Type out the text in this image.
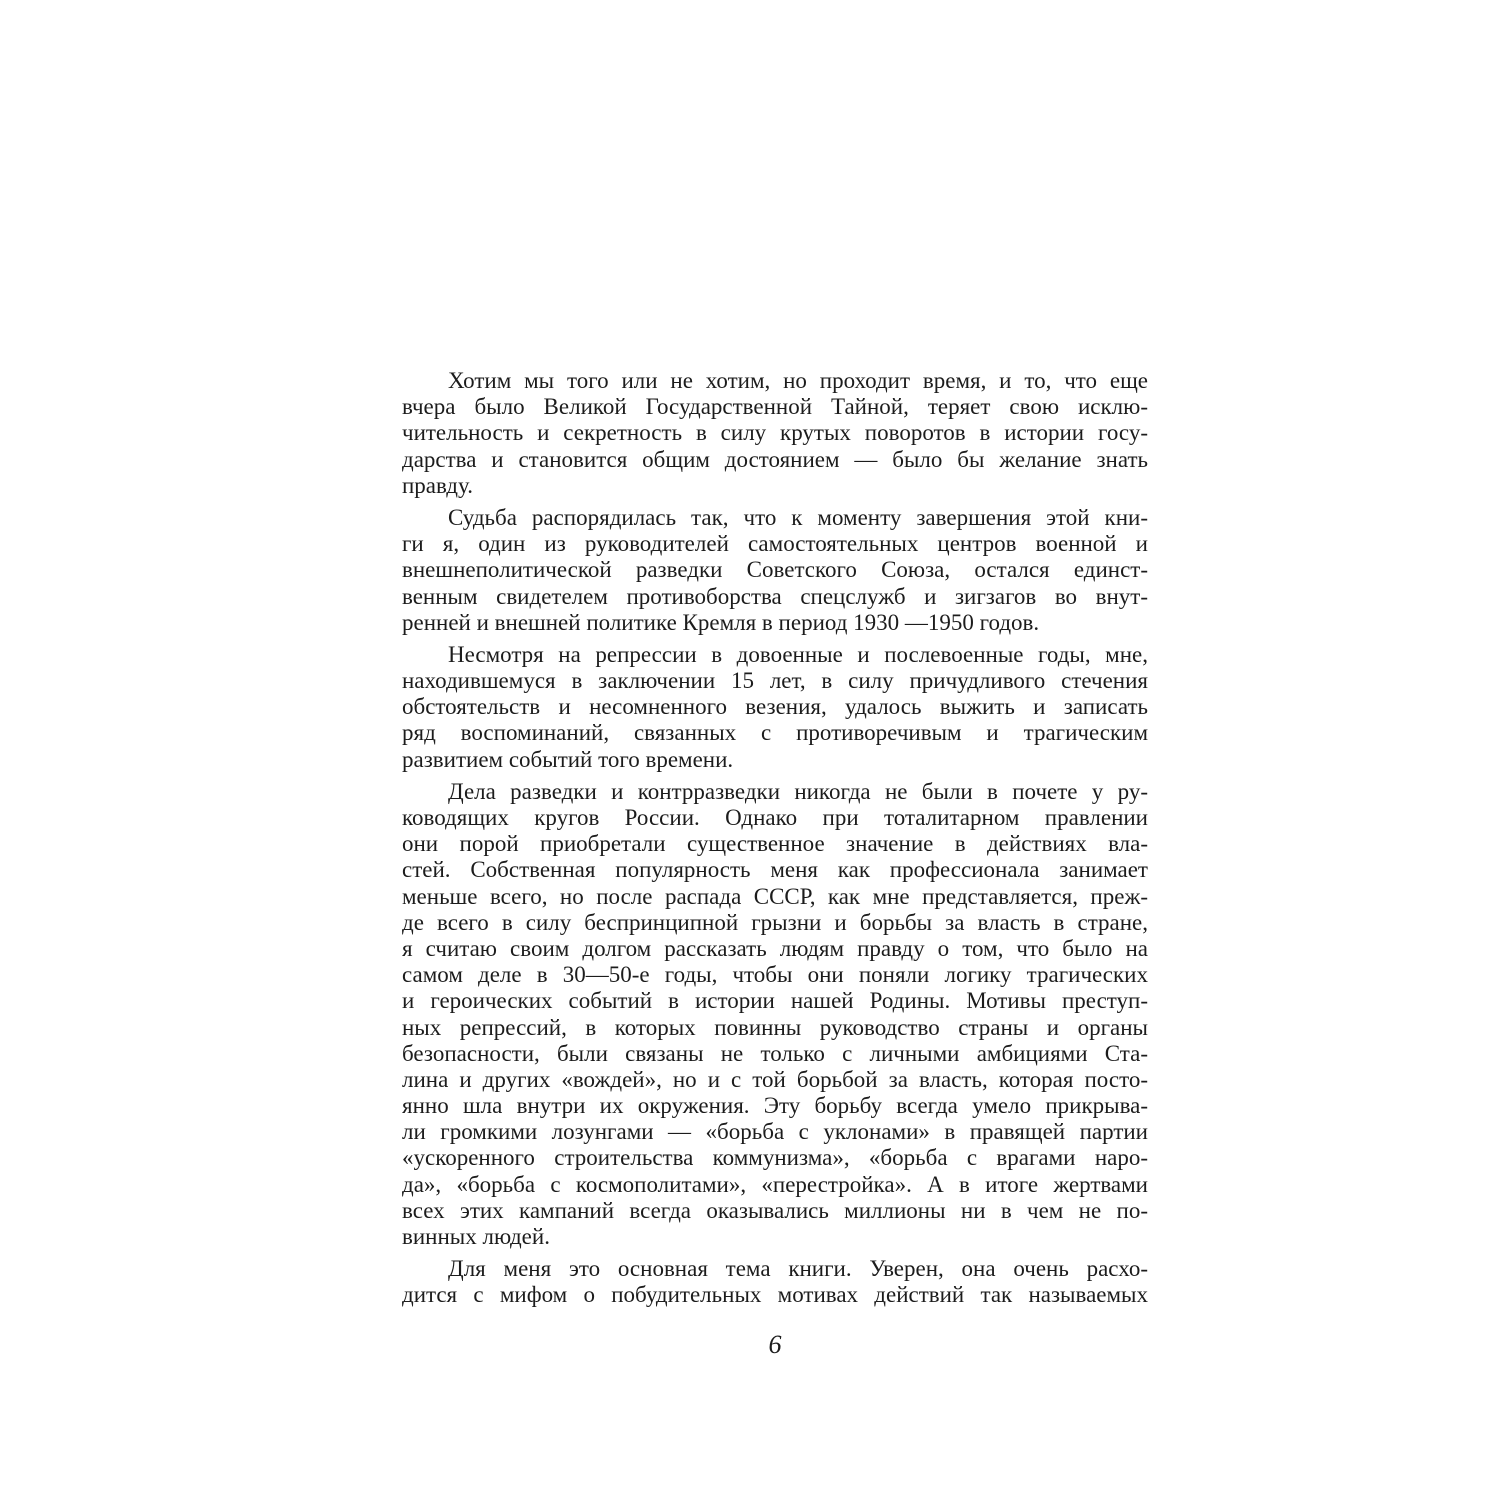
Хотим мы того или не хотим, но проходит время, и то, что еще
вчера было Великой Государственной Тайной, теряет свою исклю-
чительность и секретность в силу крутых поворотов в истории госу-
дарства и становится общим достоянием — было бы желание знать
правду.
Судьба распорядилась так, что к моменту завершения этой кни-
ги я, один из руководителей самостоятельных центров военной и
внешнеполитической разведки Советского Союза, остался единст-
венным свидетелем противоборства спецслужб и зигзагов во внут-
ренней и внешней политике Кремля в период 1930 —1950 годов.
Несмотря на репрессии в довоенные и послевоенные годы, мне,
находившемуся в заключении 15 лет, в силу причудливого стечения
обстоятельств и несомненного везения, удалось выжить и записать
ряд воспоминаний, связанных с противоречивым и трагическим
развитием событий того времени.
Дела разведки и контрразведки никогда не были в почете у ру-
ководящих кругов России. Однако при тоталитарном правлении
они порой приобретали существенное значение в действиях вла-
стей. Собственная популярность меня как профессионала занимает
меньше всего, но после распада СССР, как мне представляется, преж-
де всего в силу беспринципной грызни и борьбы за власть в стране,
я считаю своим долгом рассказать людям правду о том, что было на
самом деле в 30—50-е годы, чтобы они поняли логику трагических
и героических событий в истории нашей Родины. Мотивы преступ-
ных репрессий, в которых повинны руководство страны и органы
безопасности, были связаны не только с личными амбициями Ста-
лина и других «вождей», но и с той борьбой за власть, которая посто-
янно шла внутри их окружения. Эту борьбу всегда умело прикрыва-
ли громкими лозунгами — «борьба с уклонами» в правящей партии
«ускоренного строительства коммунизма», «борьба с врагами наро-
да», «борьба с космополитами», «перестройка». А в итоге жертвами
всех этих кампаний всегда оказывались миллионы ни в чем не по-
винных людей.
Для меня это основная тема книги. Уверен, она очень расхо-
дится с мифом о побудительных мотивах действий так называемых
6
